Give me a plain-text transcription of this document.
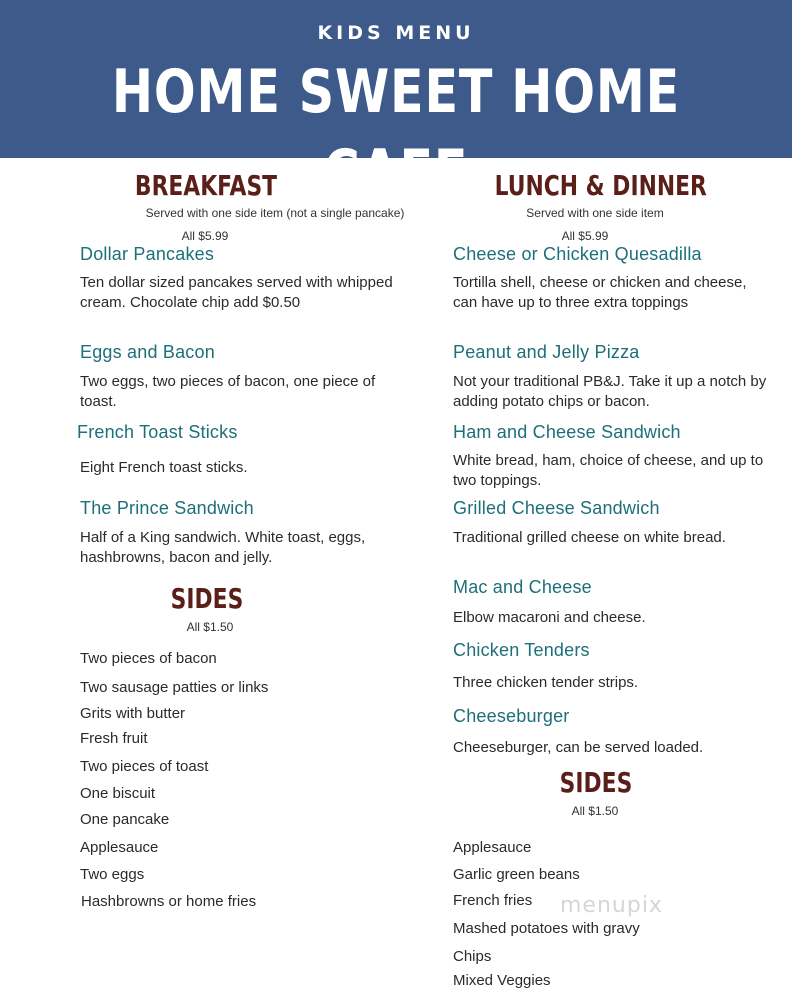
KIDS MENU
HOME SWEET HOME CAFE
BREAKFAST
Served with one side item (not a single pancake)
All $5.99
Dollar Pancakes
Ten dollar sized pancakes served with whipped cream. Chocolate chip add $0.50
Eggs and Bacon
Two eggs, two pieces of bacon, one piece of toast.
French Toast Sticks
Eight French toast sticks.
The Prince Sandwich
Half of a King sandwich. White toast, eggs, hashbrowns, bacon and jelly.
SIDES
All $1.50
Two pieces of bacon
Two sausage patties or links
Grits with butter
Fresh fruit
Two pieces of toast
One biscuit
One pancake
Applesauce
Two eggs
Hashbrowns or home fries
LUNCH & DINNER
Served with one side item
All $5.99
Cheese or Chicken Quesadilla
Tortilla shell, cheese or chicken and cheese, can have up to three extra toppings
Peanut and Jelly Pizza
Not your traditional PB&J. Take it up a notch by adding potato chips or bacon.
Ham and Cheese Sandwich
White bread, ham, choice of cheese, and up to two toppings.
Grilled Cheese Sandwich
Traditional grilled cheese on white bread.
Mac and Cheese
Elbow macaroni and cheese.
Chicken Tenders
Three chicken tender strips.
Cheeseburger
Cheeseburger, can be served loaded.
SIDES
All $1.50
Applesauce
Garlic green beans
French fries
Mashed potatoes with gravy
Chips
Mixed Veggies
menupix
